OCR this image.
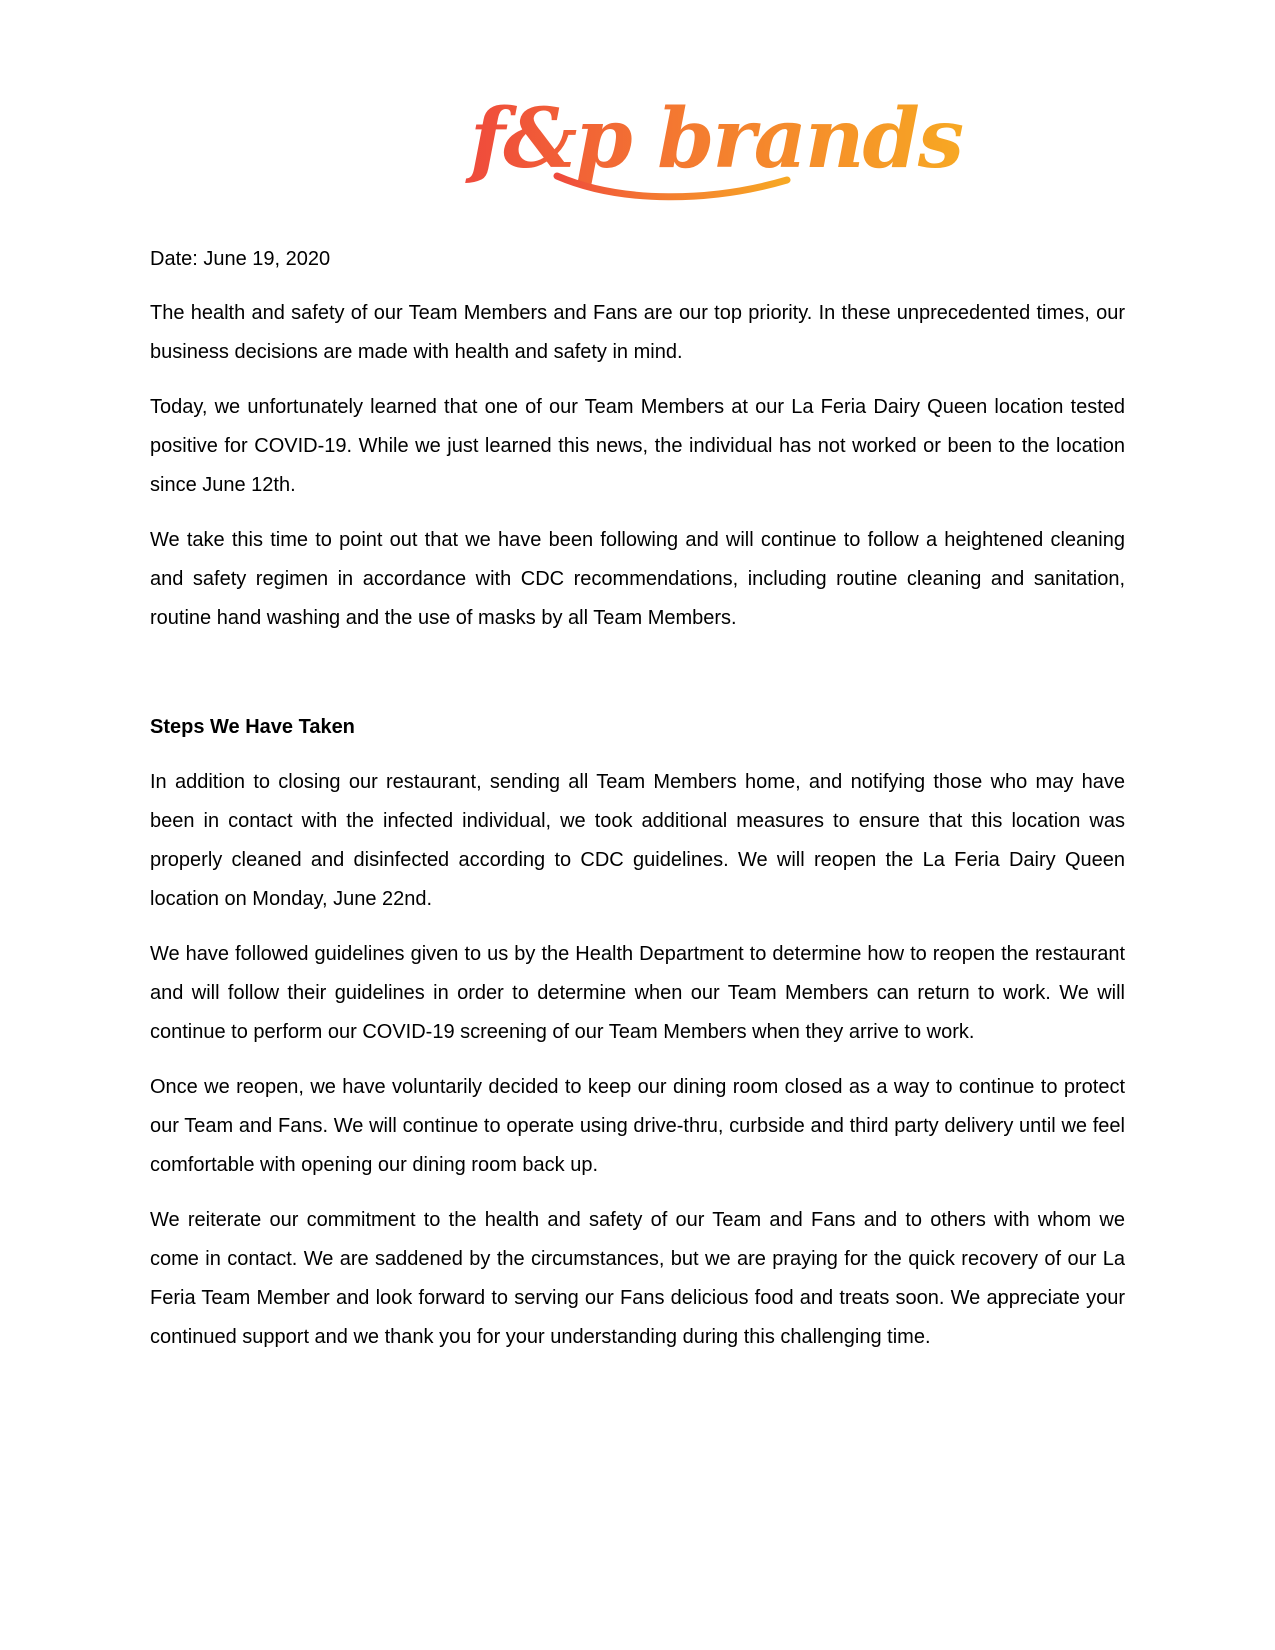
f&p brands

Date: June 19, 2020

The health and safety of our Team Members and Fans are our top priority. In these unprecedented times, our business decisions are made with health and safety in mind.

Today, we unfortunately learned that one of our Team Members at our La Feria Dairy Queen location tested positive for COVID-19. While we just learned this news, the individual has not worked or been to the location since June 12th.

We take this time to point out that we have been following and will continue to follow a heightened cleaning and safety regimen in accordance with CDC recommendations, including routine cleaning and sanitation, routine hand washing and the use of masks by all Team Members.

Steps We Have Taken

In addition to closing our restaurant, sending all Team Members home, and notifying those who may have been in contact with the infected individual, we took additional measures to ensure that this location was properly cleaned and disinfected according to CDC guidelines. We will reopen the La Feria Dairy Queen location on Monday, June 22nd.

We have followed guidelines given to us by the Health Department to determine how to reopen the restaurant and will follow their guidelines in order to determine when our Team Members can return to work. We will continue to perform our COVID-19 screening of our Team Members when they arrive to work.

Once we reopen, we have voluntarily decided to keep our dining room closed as a way to continue to protect our Team and Fans. We will continue to operate using drive-thru, curbside and third party delivery until we feel comfortable with opening our dining room back up.

We reiterate our commitment to the health and safety of our Team and Fans and to others with whom we come in contact. We are saddened by the circumstances, but we are praying for the quick recovery of our La Feria Team Member and look forward to serving our Fans delicious food and treats soon. We appreciate your continued support and we thank you for your understanding during this challenging time.
